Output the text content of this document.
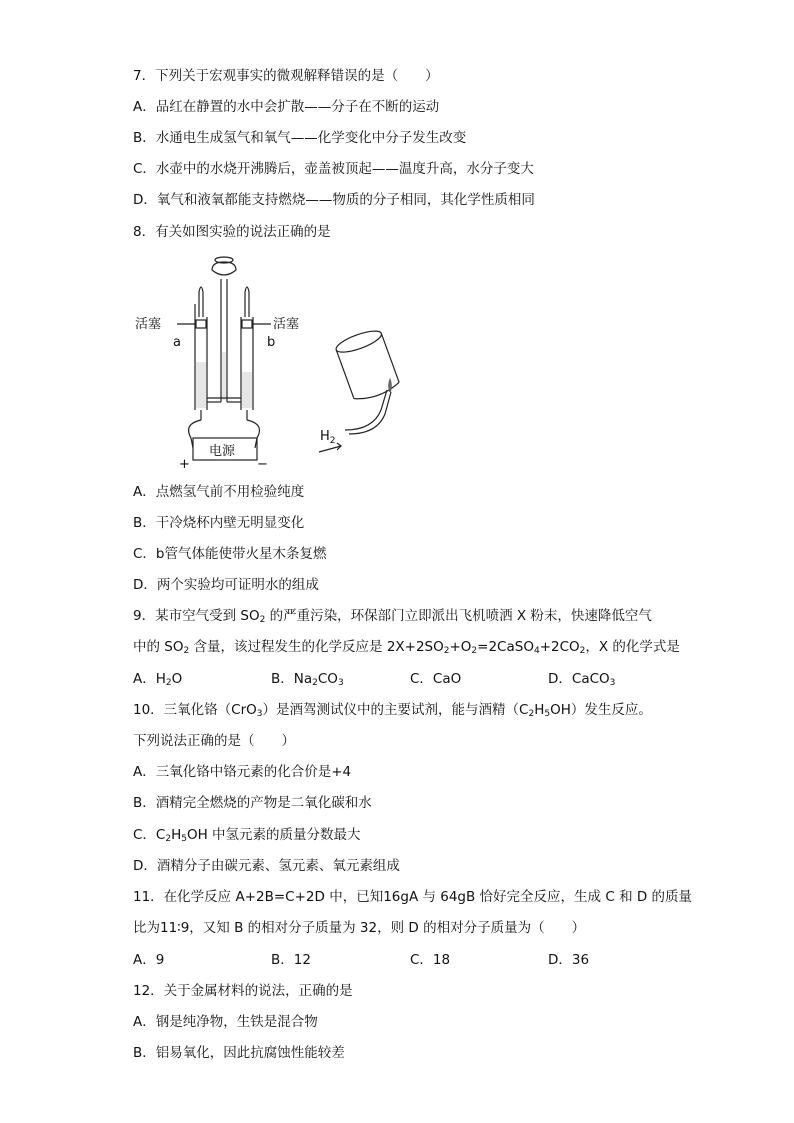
7．下列关于宏观事实的微观解释错误的是（　　）
A．品红在静置的水中会扩散——分子在不断的运动
B．水通电生成氢气和氧气——化学变化中分子发生改变
C．水壶中的水烧开沸腾后，壶盖被顶起——温度升高，水分子变大
D．氧气和液氧都能支持燃烧——物质的分子相同，其化学性质相同
8．有关如图实验的说法正确的是
活塞	活塞
a	b
电源
+	−
$H_2$
A．点燃氢气前不用检验纯度
B．干冷烧杯内壁无明显变化
C．b管气体能使带火星木条复燃
D．两个实验均可证明水的组成
9．某市空气受到 $SO_2$ 的严重污染，环保部门立即派出飞机喷洒 X 粉末，快速降低空气
中的 $SO_2$ 含量，该过程发生的化学反应是 $2X+2SO_2+O_2=2CaSO_4+2CO_2$，X 的化学式是
A．$H_2O$	B．$Na_2CO_3$	C．CaO	D．CaCO$_3$
10．三氧化铬（CrO$_3$）是酒驾测试仪中的主要试剂，能与酒精$(C_2H_5OH)$发生反应。
下列说法正确的是（　　）
A．三氧化铬中铬元素的化合价是+4
B．酒精完全燃烧的产物是二氧化碳和水
C．$C_2H_5OH$ 中氢元素的质量分数最大
D．酒精分子由碳元素、氢元素、氧元素组成
11．在化学反应 A+2B=C+2D 中，已知16gA 与 64gB 恰好完全反应，生成 C 和 D 的质量
比为11∶9，又知 B 的相对分子质量为 32，则 D 的相对分子质量为（　　）
A．9	B．12	C．18	D．36
12．关于金属材料的说法，正确的是
A．钢是纯净物，生铁是混合物
B．铝易氧化，因此抗腐蚀性能较差
